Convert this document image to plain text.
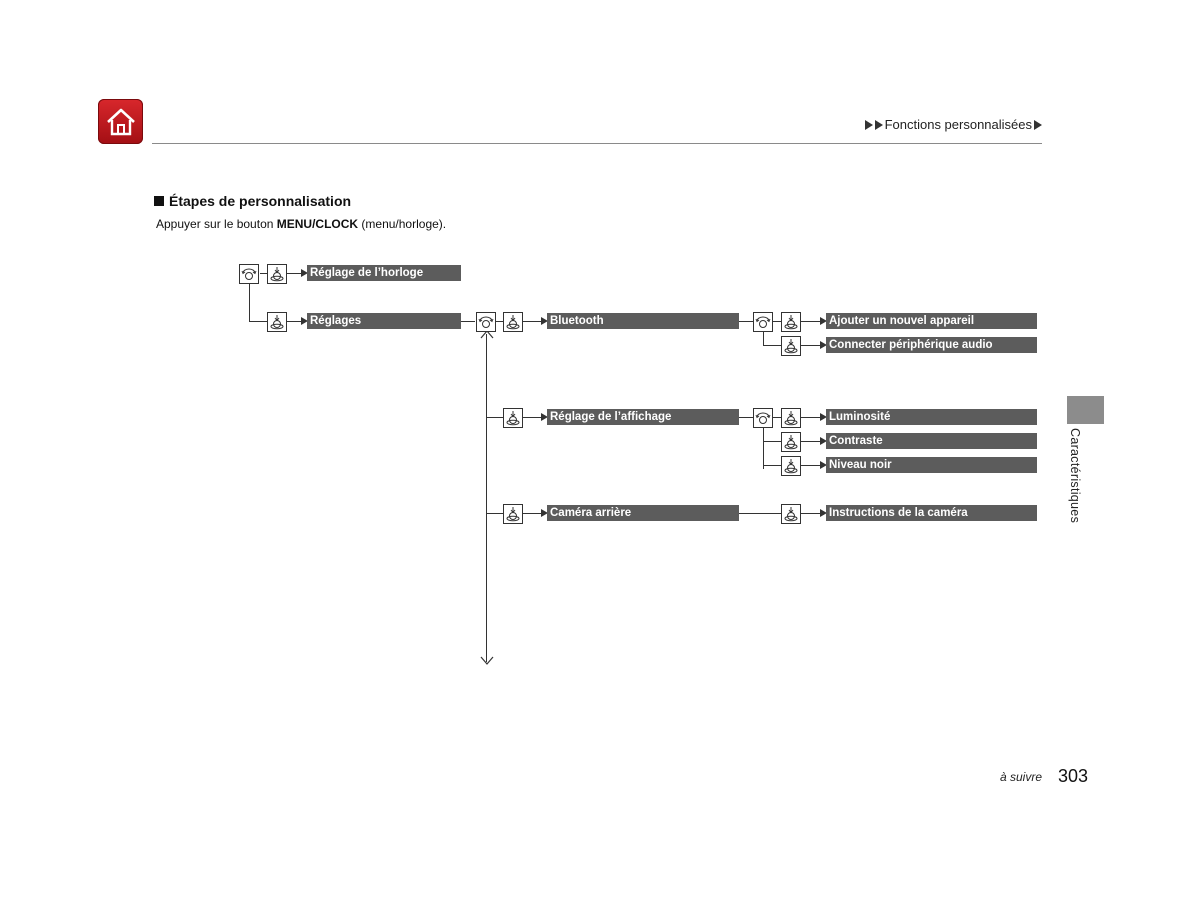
Fonctions personnalisées
Étapes de personnalisation
Appuyer sur le bouton MENU/CLOCK (menu/horloge).
Réglage de l’horloge
Réglages	Bluetooth	Ajouter un nouvel appareil
Connecter périphérique audio
Réglage de l’affichage	Luminosité
Contraste
Niveau noir
Caméra arrière	Instructions de la caméra	Caractéristiques
à suivre 303
